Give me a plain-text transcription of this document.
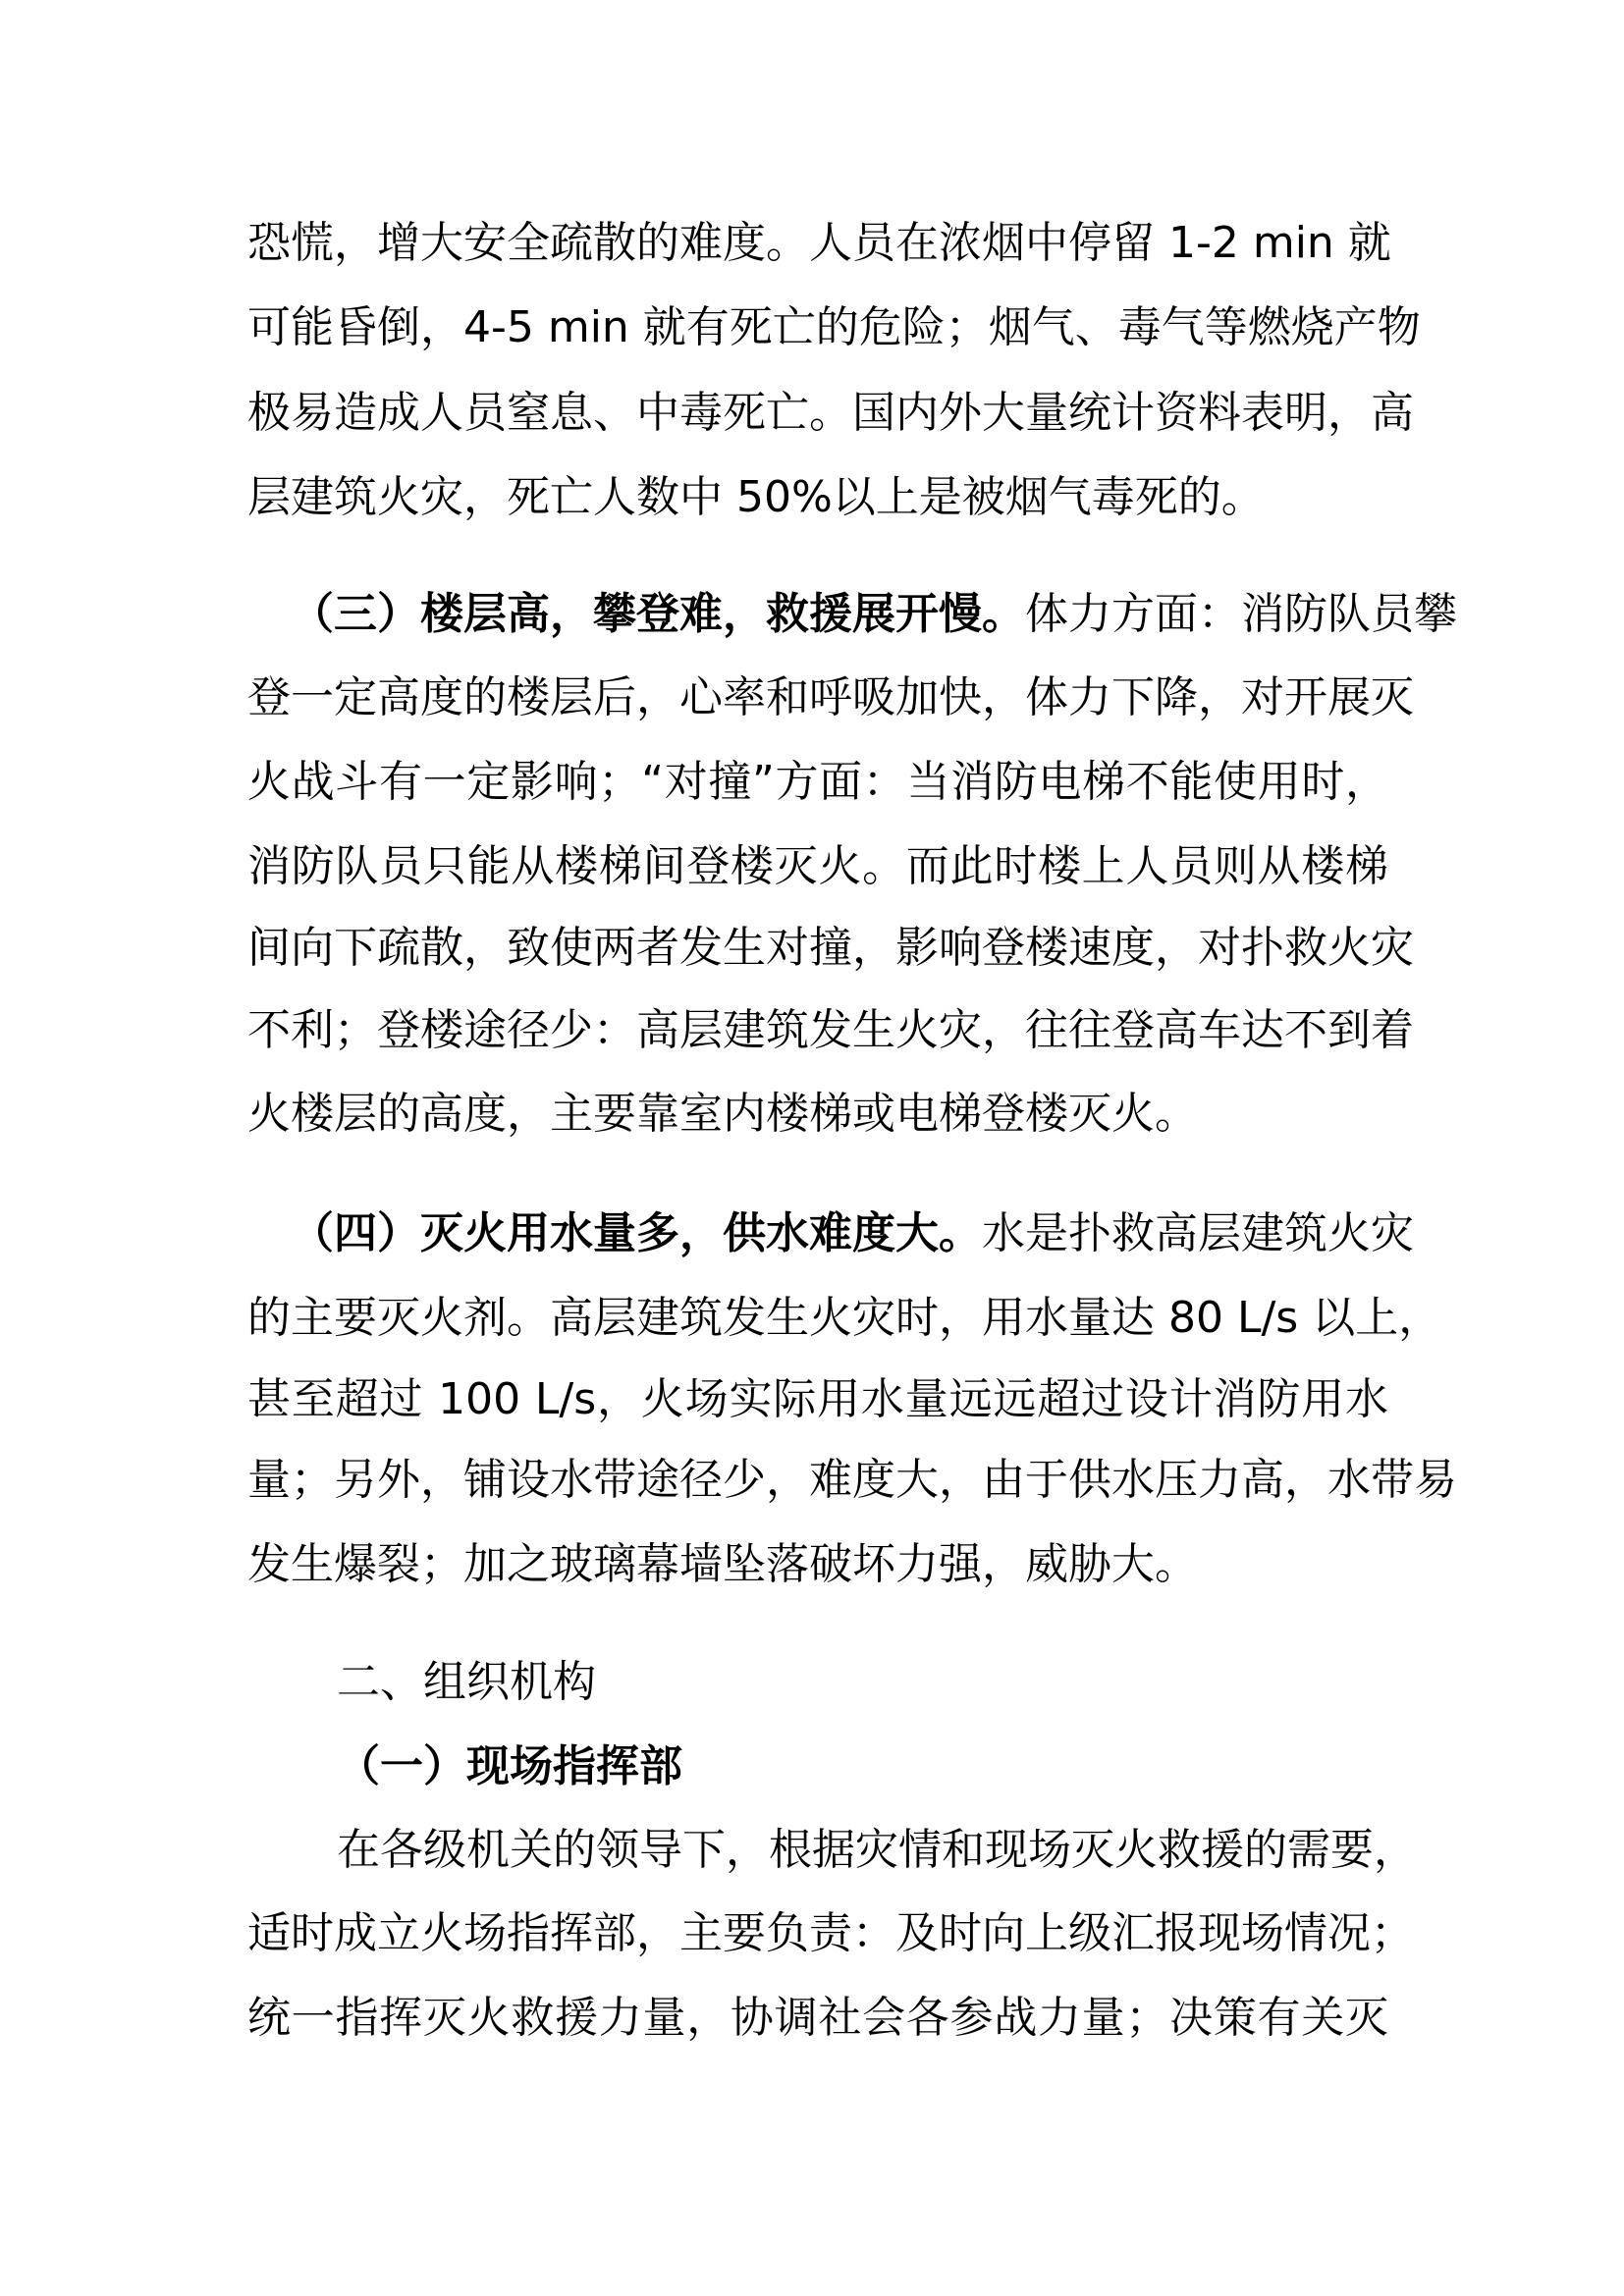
恐慌，增大安全疏散的难度。人员在浓烟中停留 1-2 min 就
可能昏倒，4-5 min 就有死亡的危险；烟气、毒气等燃烧产物
极易造成人员窒息、中毒死亡。国内外大量统计资料表明，高
层建筑火灾，死亡人数中 50%以上是被烟气毒死的。
（三）楼层高，攀登难，救援展开慢。体力方面：消防队员攀
登一定高度的楼层后，心率和呼吸加快，体力下降，对开展灭
火战斗有一定影响；“对撞”方面：当消防电梯不能使用时，
消防队员只能从楼梯间登楼灭火。而此时楼上人员则从楼梯
间向下疏散，致使两者发生对撞，影响登楼速度，对扑救火灾
不利；登楼途径少：高层建筑发生火灾，往往登高车达不到着
火楼层的高度，主要靠室内楼梯或电梯登楼灭火。
（四）灭火用水量多，供水难度大。水是扑救高层建筑火灾
的主要灭火剂。高层建筑发生火灾时，用水量达 80 L/s 以上，
甚至超过 100 L/s，火场实际用水量远远超过设计消防用水
量；另外，铺设水带途径少，难度大，由于供水压力高，水带易
发生爆裂；加之玻璃幕墙坠落破坏力强，威胁大。
二、组织机构
（一）现场指挥部
在各级机关的领导下，根据灾情和现场灭火救援的需要，
适时成立火场指挥部，主要负责：及时向上级汇报现场情况；
统一指挥灭火救援力量，协调社会各参战力量；决策有关灭
